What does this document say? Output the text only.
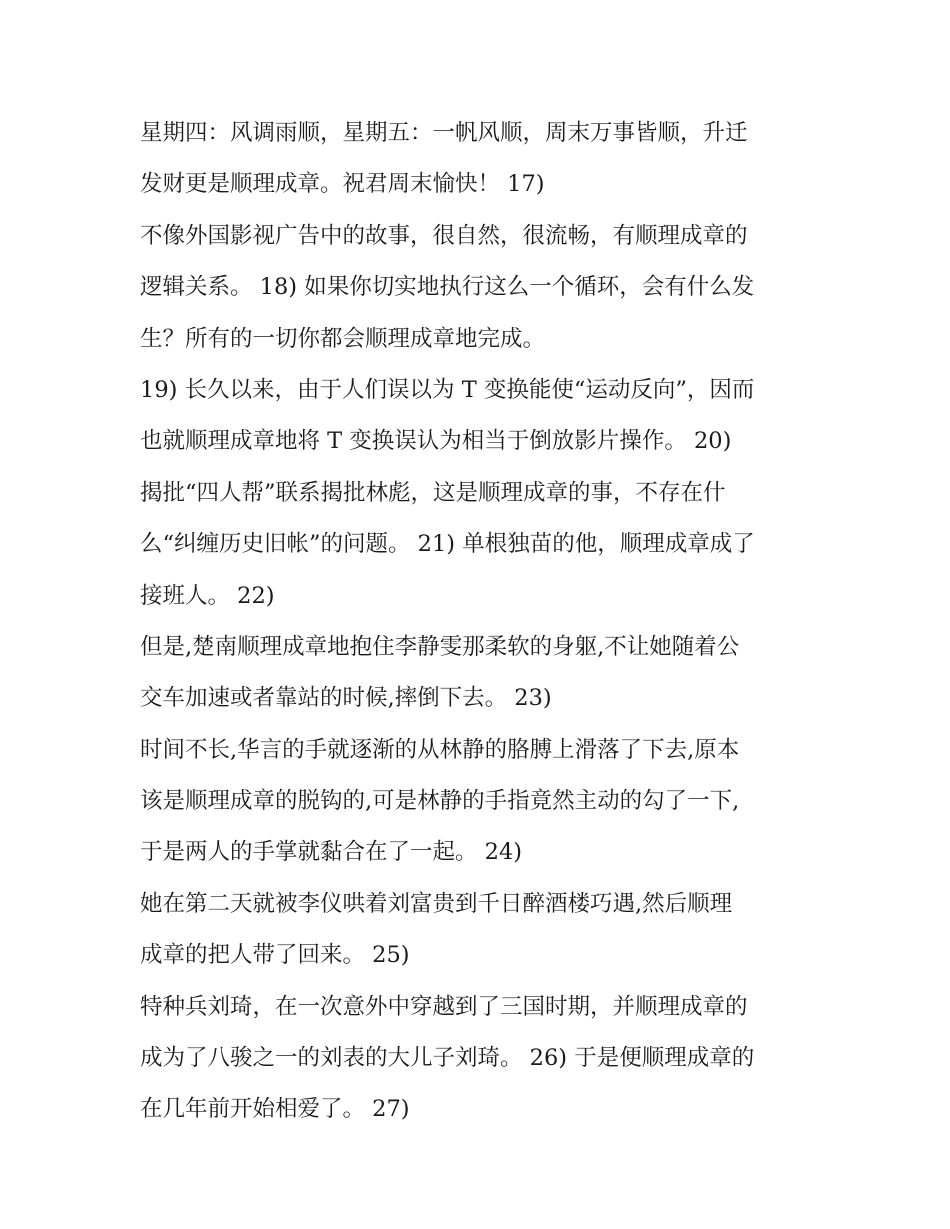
星期四：风调雨顺，星期五：一帆风顺，周末万事皆顺，升迁
发财更是顺理成章。祝君周末愉快！ 17)
不像外国影视广告中的故事，很自然，很流畅，有顺理成章的
逻辑关系。 18) 如果你切实地执行这么一个循环，会有什么发
生？所有的一切你都会顺理成章地完成。
19) 长久以来，由于人们误以为 T 变换能使“运动反向”，因而
也就顺理成章地将 T 变换误认为相当于倒放影片操作。 20)
揭批“四人帮”联系揭批林彪，这是顺理成章的事，不存在什
么“纠缠历史旧帐”的问题。 21) 单根独苗的他，顺理成章成了
接班人。 22)
但是,楚南顺理成章地抱住李静雯那柔软的身躯,不让她随着公
交车加速或者靠站的时候,摔倒下去。 23)
时间不长,华言的手就逐渐的从林静的胳膊上滑落了下去,原本
该是顺理成章的脱钩的,可是林静的手指竟然主动的勾了一下,
于是两人的手掌就黏合在了一起。 24)
她在第二天就被李仪哄着刘富贵到千日醉酒楼巧遇,然后顺理
成章的把人带了回来。 25)
特种兵刘琦，在一次意外中穿越到了三国时期，并顺理成章的
成为了八骏之一的刘表的大儿子刘琦。 26) 于是便顺理成章的
在几年前开始相爱了。 27)
